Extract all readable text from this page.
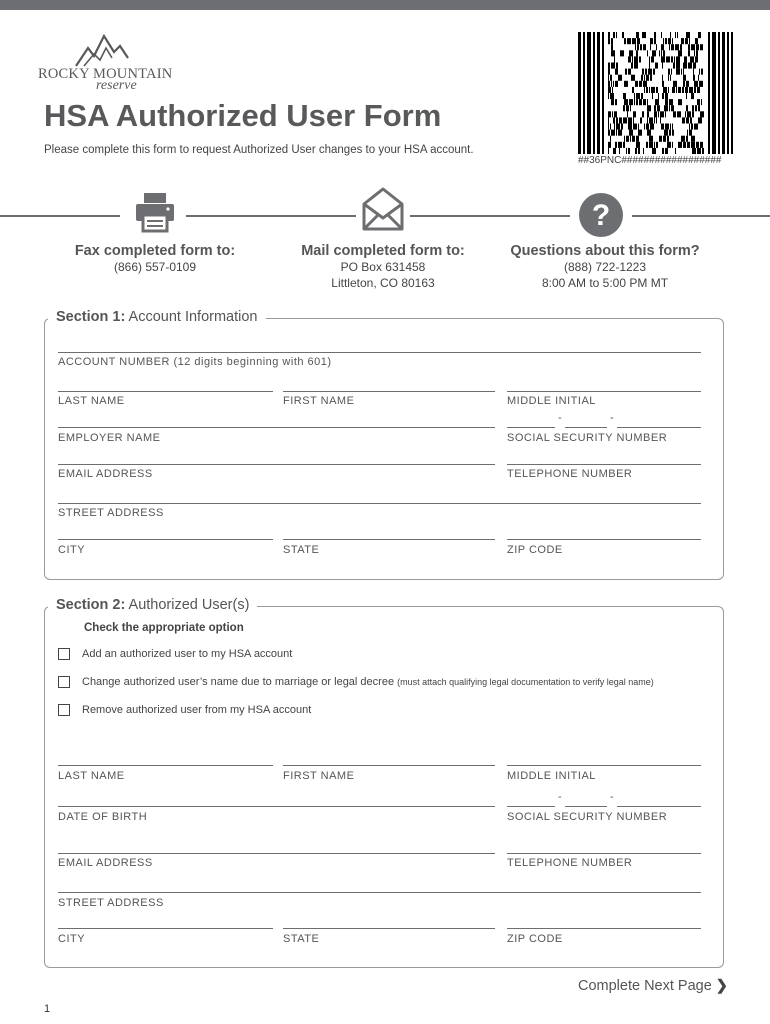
ROCKY MOUNTAIN
reserve
HSA Authorized User Form
Please complete this form to request Authorized User changes to your HSA account.
##36PNC##################
?
Fax completed form to:
(866) 557-0109
Mail completed form to:
PO Box 631458
Littleton, CO 80163
Questions about this form?
(888) 722-1223
8:00 AM to 5:00 PM MT
Section 1: Account Information
ACCOUNT NUMBER (12 digits beginning with 601)
LAST NAME	FIRST NAME	MIDDLE INITIAL
-	-
EMPLOYER NAME	SOCIAL SECURITY NUMBER
EMAIL ADDRESS	TELEPHONE NUMBER
STREET ADDRESS
CITY	STATE	ZIP CODE
Section 2: Authorized User(s)
Check the appropriate option
Add an authorized user to my HSA account
Change authorized user’s name due to marriage or legal decree (must attach qualifying legal documentation to verify legal name)
Remove authorized user from my HSA account
LAST NAME	FIRST NAME	MIDDLE INITIAL
-	-
DATE OF BIRTH	SOCIAL SECURITY NUMBER
EMAIL ADDRESS	TELEPHONE NUMBER
STREET ADDRESS
CITY	STATE	ZIP CODE
Complete Next Page ❯
1
